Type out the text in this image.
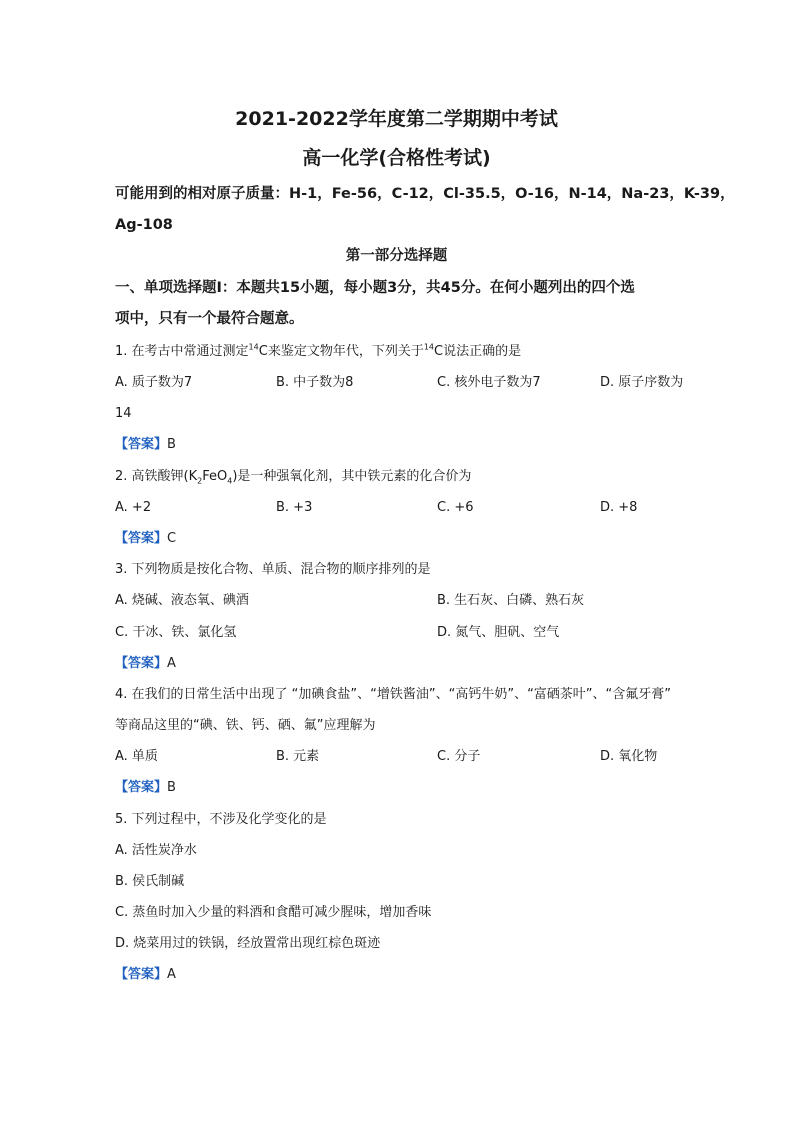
2021-2022学年度第二学期期中考试
高一化学(合格性考试)
可能用到的相对原子质量：H-1，Fe-56，C-12，Cl-35.5，O-16，N-14，Na-23，K-39，
Ag-108
第一部分选择题
一、单项选择题Ⅰ：本题共15小题，每小题3分，共45分。在何小题列出的四个选
项中，只有一个最符合题意。
1. 在考古中常通过测定$^{14}$C来鉴定文物年代，下列关于$^{14}$C说法正确的是
A. 质子数为7	B. 中子数为8	C. 核外电子数为7	D. 原子序数为
14
【答案】B
2. 高铁酸钾$(K_2FeO_4)$是一种强氧化剂，其中铁元素的化合价为
A. +2	B. +3	C. +6	D. +8
【答案】C
3. 下列物质是按化合物、单质、混合物的顺序排列的是
A. 烧碱、液态氧、碘酒	B. 生石灰、白磷、熟石灰
C. 干冰、铁、氯化氢	D. 氮气、胆矾、空气
【答案】A
4. 在我们的日常生活中出现了 “加碘食盐”、“增铁酱油”、“高钙牛奶”、“富硒茶叶”、“含氟牙膏”
等商品这里的“碘、铁、钙、硒、氟”应理解为
A. 单质	B. 元素	C. 分子	D. 氧化物
【答案】B
5. 下列过程中，不涉及化学变化的是
A. 活性炭净水
B. 侯氏制碱
C. 蒸鱼时加入少量的料酒和食醋可减少腥味，增加香味
D. 烧菜用过的铁锅，经放置常出现红棕色斑迹
【答案】A
